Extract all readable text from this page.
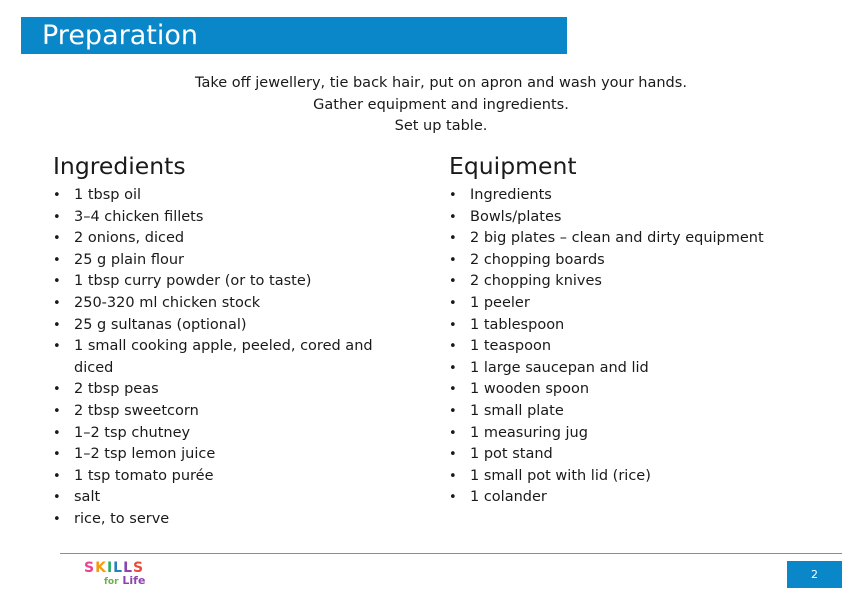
Preparation
Take off jewellery, tie back hair, put on apron and wash your hands.
Gather equipment and ingredients.
Set up table.
Ingredients
• 1 tbsp oil
• 3–4 chicken fillets
• 2 onions, diced
• 25 g plain flour
• 1 tbsp curry powder (or to taste)
• 250-320 ml chicken stock
• 25 g sultanas (optional)
• 1 small cooking apple, peeled, cored and diced
• 2 tbsp peas
• 2 tbsp sweetcorn
• 1–2 tsp chutney
• 1–2 tsp lemon juice
• 1 tsp tomato purée
• salt
• rice, to serve
Equipment
• Ingredients
• Bowls/plates
• 2 big plates – clean and dirty equipment
• 2 chopping boards
• 2 chopping knives
• 1 peeler
• 1 tablespoon
• 1 teaspoon
• 1 large saucepan and lid
• 1 wooden spoon
• 1 small plate
• 1 measuring jug
• 1 pot stand
• 1 small pot with lid (rice)
• 1 colander
SKILLS
for Life	2
